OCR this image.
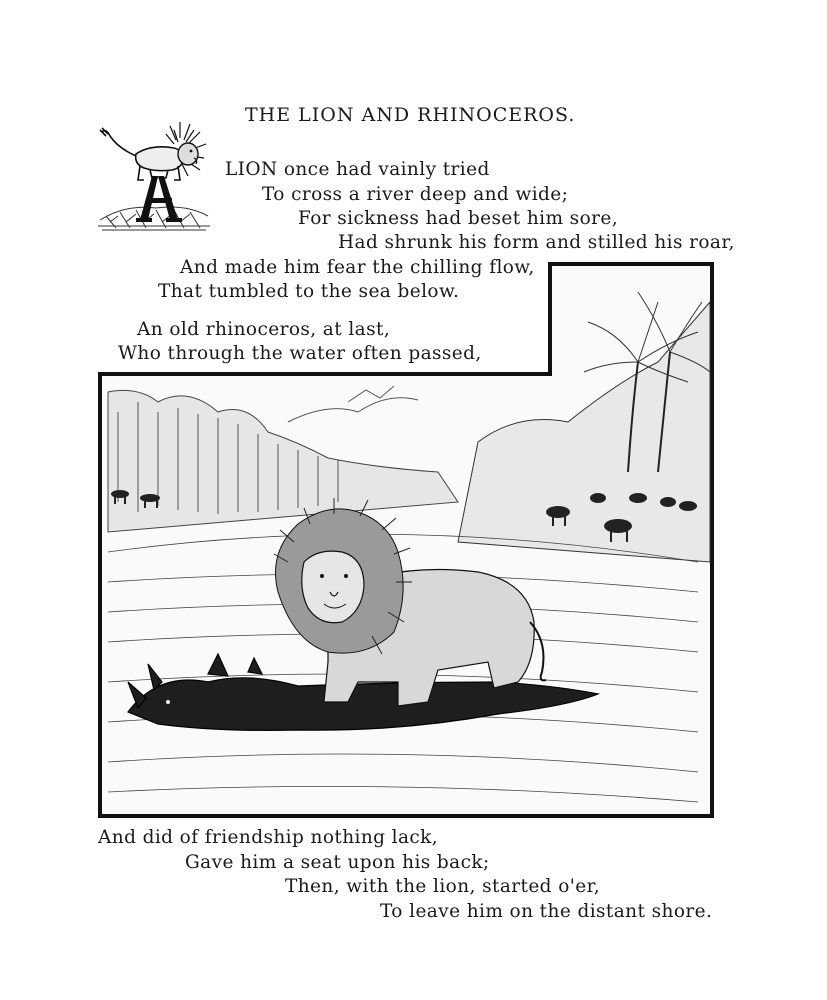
THE LION AND RHINOCEROS.
LION once had vainly tried
To cross a river deep and wide;
For sickness had beset him sore,
Had shrunk his form and stilled his roar,
And made him fear the chilling flow,
That tumbled to the sea below.
An old rhinoceros, at last,
Who through the water often passed,
And did of friendship nothing lack,
Gave him a seat upon his back;
Then, with the lion, started o'er,
To leave him on the distant shore.
